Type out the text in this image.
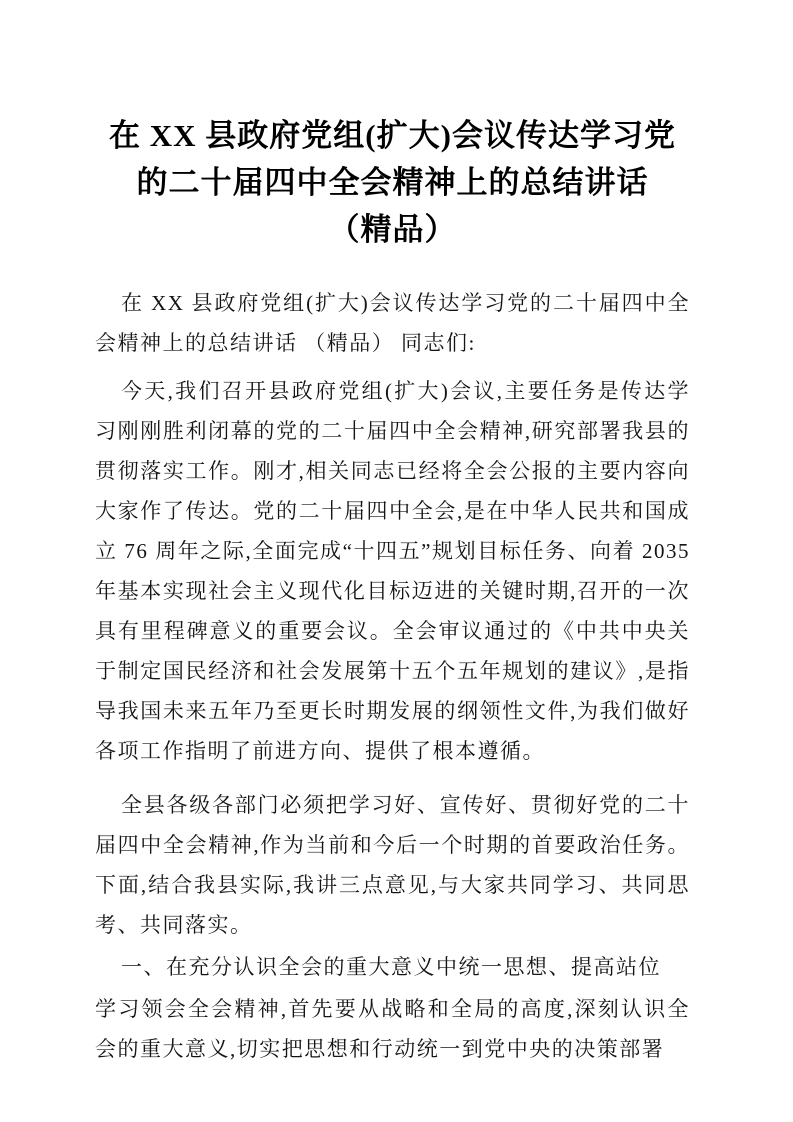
在 XX 县政府党组(扩大)会议传达学习党的二十届四中全会精神上的总结讲话（精品）

在 XX 县政府党组(扩大)会议传达学习党的二十届四中全会精神上的总结讲话 （精品） 同志们:

今天,我们召开县政府党组(扩大)会议,主要任务是传达学习刚刚胜利闭幕的党的二十届四中全会精神,研究部署我县的贯彻落实工作。刚才,相关同志已经将全会公报的主要内容向大家作了传达。党的二十届四中全会,是在中华人民共和国成立 76 周年之际,全面完成“十四五”规划目标任务、向着 2035 年基本实现社会主义现代化目标迈进的关键时期,召开的一次具有里程碑意义的重要会议。全会审议通过的《中共中央关于制定国民经济和社会发展第十五个五年规划的建议》,是指导我国未来五年乃至更长时期发展的纲领性文件,为我们做好各项工作指明了前进方向、提供了根本遵循。

全县各级各部门必须把学习好、宣传好、贯彻好党的二十届四中全会精神,作为当前和今后一个时期的首要政治任务。下面,结合我县实际,我讲三点意见,与大家共同学习、共同思考、共同落实。

一、在充分认识全会的重大意义中统一思想、提高站位

学习领会全会精神,首先要从战略和全局的高度,深刻认识全会的重大意义,切实把思想和行动统一到党中央的决策部署
